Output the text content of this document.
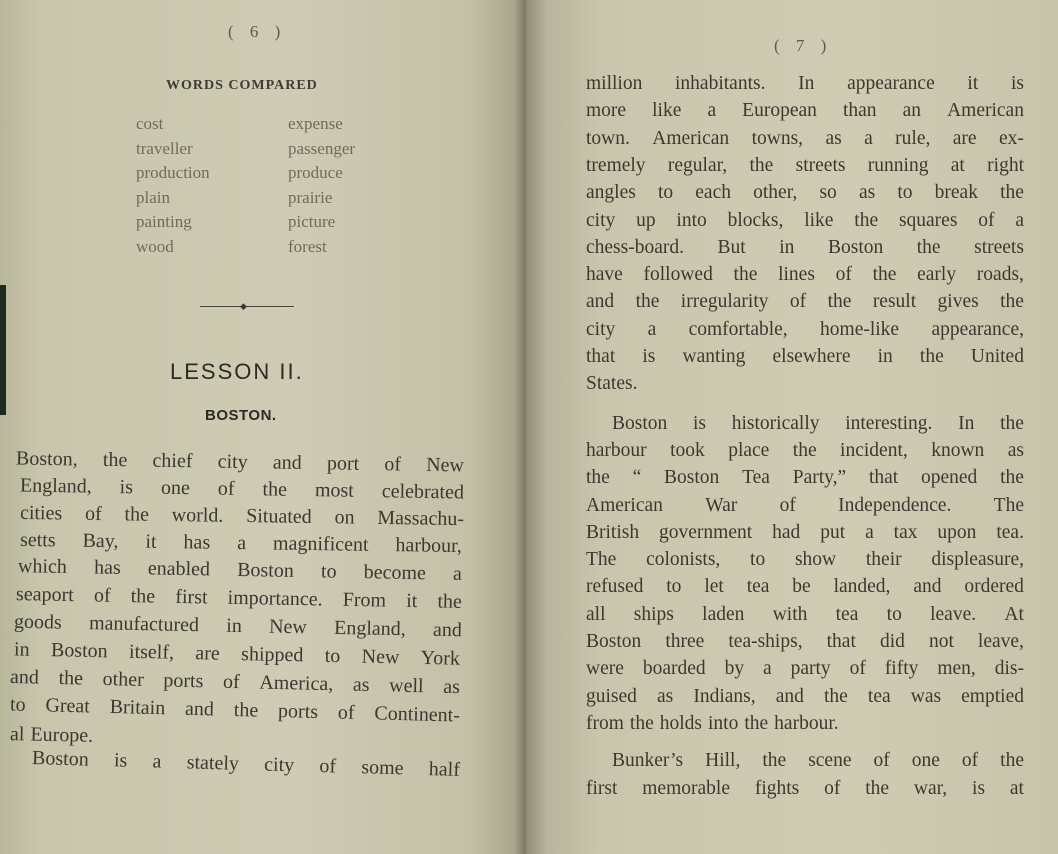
( 6 )
WORDS COMPARED
cost
traveller
production
plain
painting
wood
expense
passenger
produce
prairie
picture
forest
◆
LESSON II.
BOSTON.
Boston, the chief city and port of New
England, is one of the most celebrated
cities of the world. Situated on Massachu-
setts Bay, it has a magnificent harbour,
which has enabled Boston to become a
seaport of the first importance. From it the
goods manufactured in New England, and
in Boston itself, are shipped to New York
and the other ports of America, as well as
to Great Britain and the ports of Continent-
al Europe.
Boston is a stately city of some half
( 7 )
million inhabitants. In appearance it is
more like a European than an American
town. American towns, as a rule, are ex-
tremely regular, the streets running at right
angles to each other, so as to break the
city up into blocks, like the squares of a
chess-board. But in Boston the streets
have followed the lines of the early roads,
and the irregularity of the result gives the
city a comfortable, home-like appearance,
that is wanting elsewhere in the United
States.
Boston is historically interesting. In the
harbour took place the incident, known as
the “ Boston Tea Party,” that opened the
American War of Independence. The
British government had put a tax upon tea.
The colonists, to show their displeasure,
refused to let tea be landed, and ordered
all ships laden with tea to leave. At
Boston three tea-ships, that did not leave,
were boarded by a party of fifty men, dis-
guised as Indians, and the tea was emptied
from the holds into the harbour.
Bunker’s Hill, the scene of one of the
first memorable fights of the war, is at
